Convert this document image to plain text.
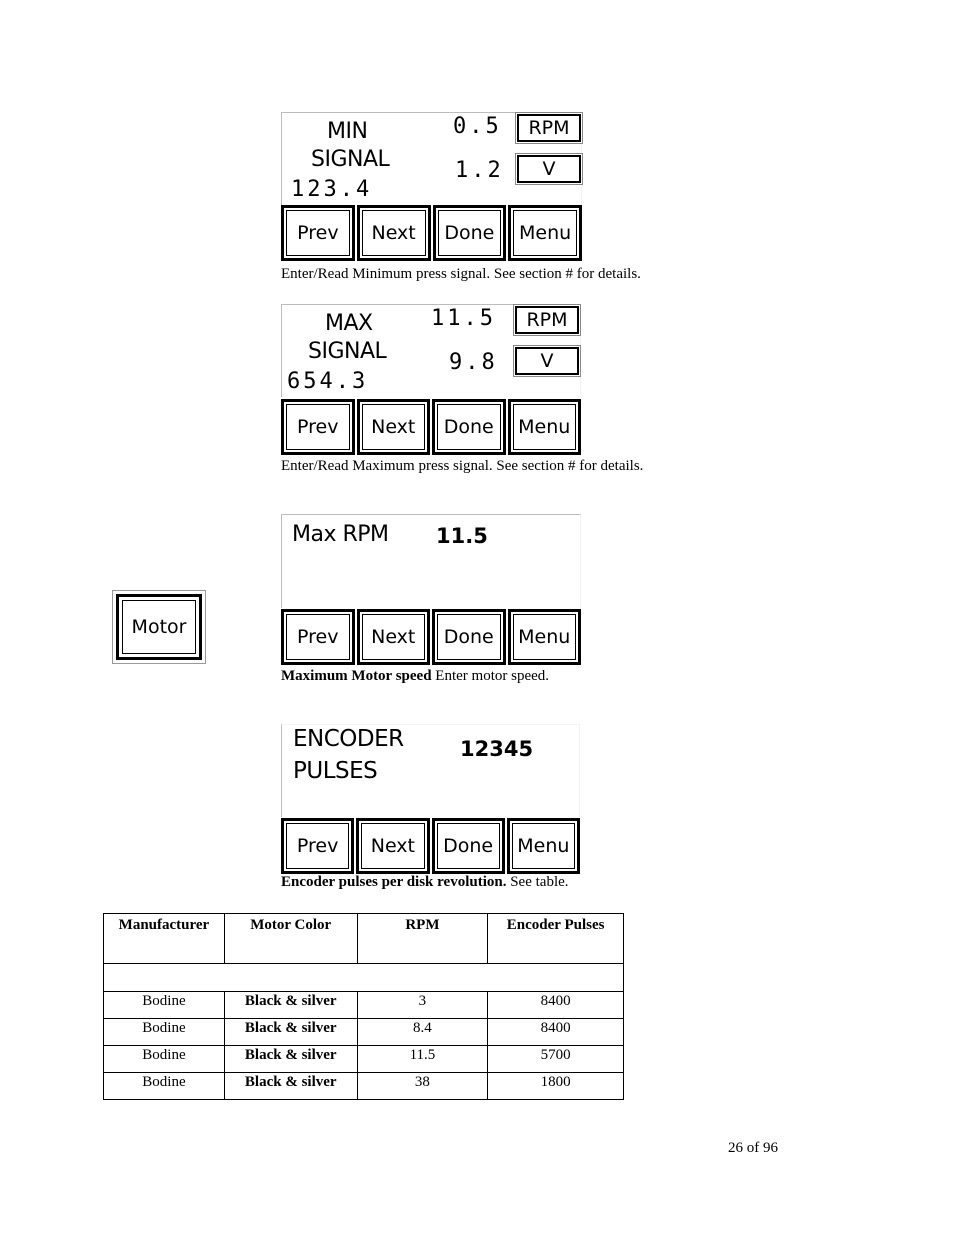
MIN
SIGNAL
123.4
0.5	RPM
1.2	V
Prev	Next	Done	Menu
Enter/Read Minimum press signal. See section # for details.
MAX
SIGNAL
654.3
11.5	RPM
9.8	V
Prev	Next	Done	Menu
Enter/Read Maximum press signal. See section # for details.
Motor
Max RPM 11.5
Prev	Next	Done	Menu
Maximum Motor speed Enter motor speed.
ENCODER
PULSES
12345
Prev	Next	Done	Menu
Encoder pulses per disk revolution. See table.
Manufacturer	Motor Color	RPM	Encoder Pulses

Bodine	Black & silver	3	8400
Bodine	Black & silver	8.4	8400
Bodine	Black & silver	11.5	5700
Bodine	Black & silver	38	1800
26 of 96
